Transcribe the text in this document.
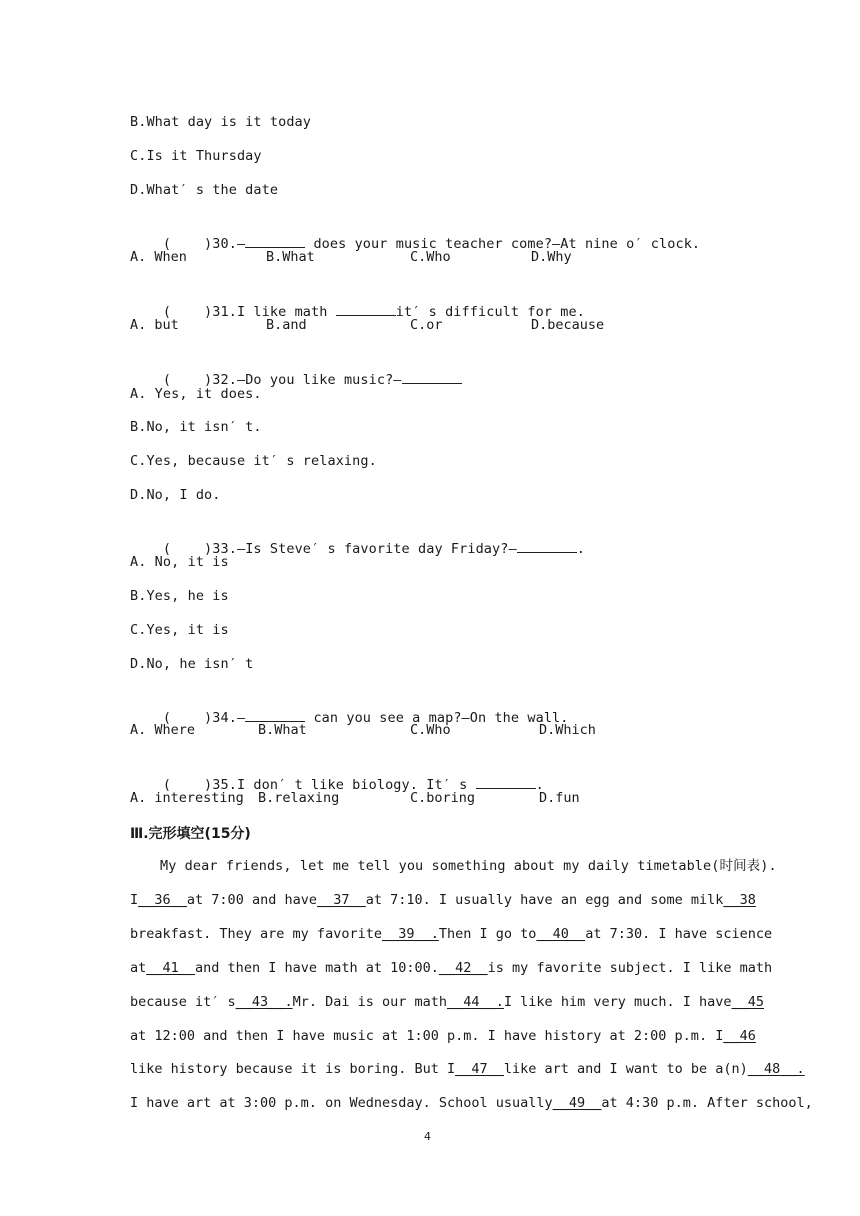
B.What day is it today
C.Is it Thursday
D.What′ s the date

(    )30.—	does your music teacher come?—At nine o′ clock.

A. When	B.What	C.Who	D.Why

(    )31.I like math	it′ s difficult for me.

A. but	B.and	C.or	D.because

(    )32.—Do you like music?—

A. Yes, it does.
B.No, it isn′ t.
C.Yes, because it′ s relaxing.
D.No, I do.

(    )33.—Is Steve′ s favorite day Friday?—	.

A. No, it is
B.Yes, he is
C.Yes, it is
D.No, he isn′ t

(    )34.—	can you see a map?—On the wall.

A. Where	B.What	C.Who	D.Which

(    )35.I don′ t like biology. It′ s	.

A. interesting B.relaxing	C.boring	D.fun
Ⅲ.完形填空(15分)
My dear friends, let me tell you something about my daily timetable(时间表).
I __36__ at 7:00 and have __37__ at 7:10. I usually have an egg and some milk __38
breakfast. They are my favorite __39__. Then I go to __40__ at 7:30. I have science
at __41__ and then I have math at 10:00. __42__ is my favorite subject. I like math
because it′ s __43__. Mr. Dai is our math __44__. I like him very much. I have __45
at 12:00 and then I have music at 1:00 p.m. I have history at 2:00 p.m. I __46
like history because it is boring. But I __47__ like art and I want to be a(n) __48__.
I have art at 3:00 p.m. on Wednesday. School usually __49__ at 4:30 p.m. After school,
4
